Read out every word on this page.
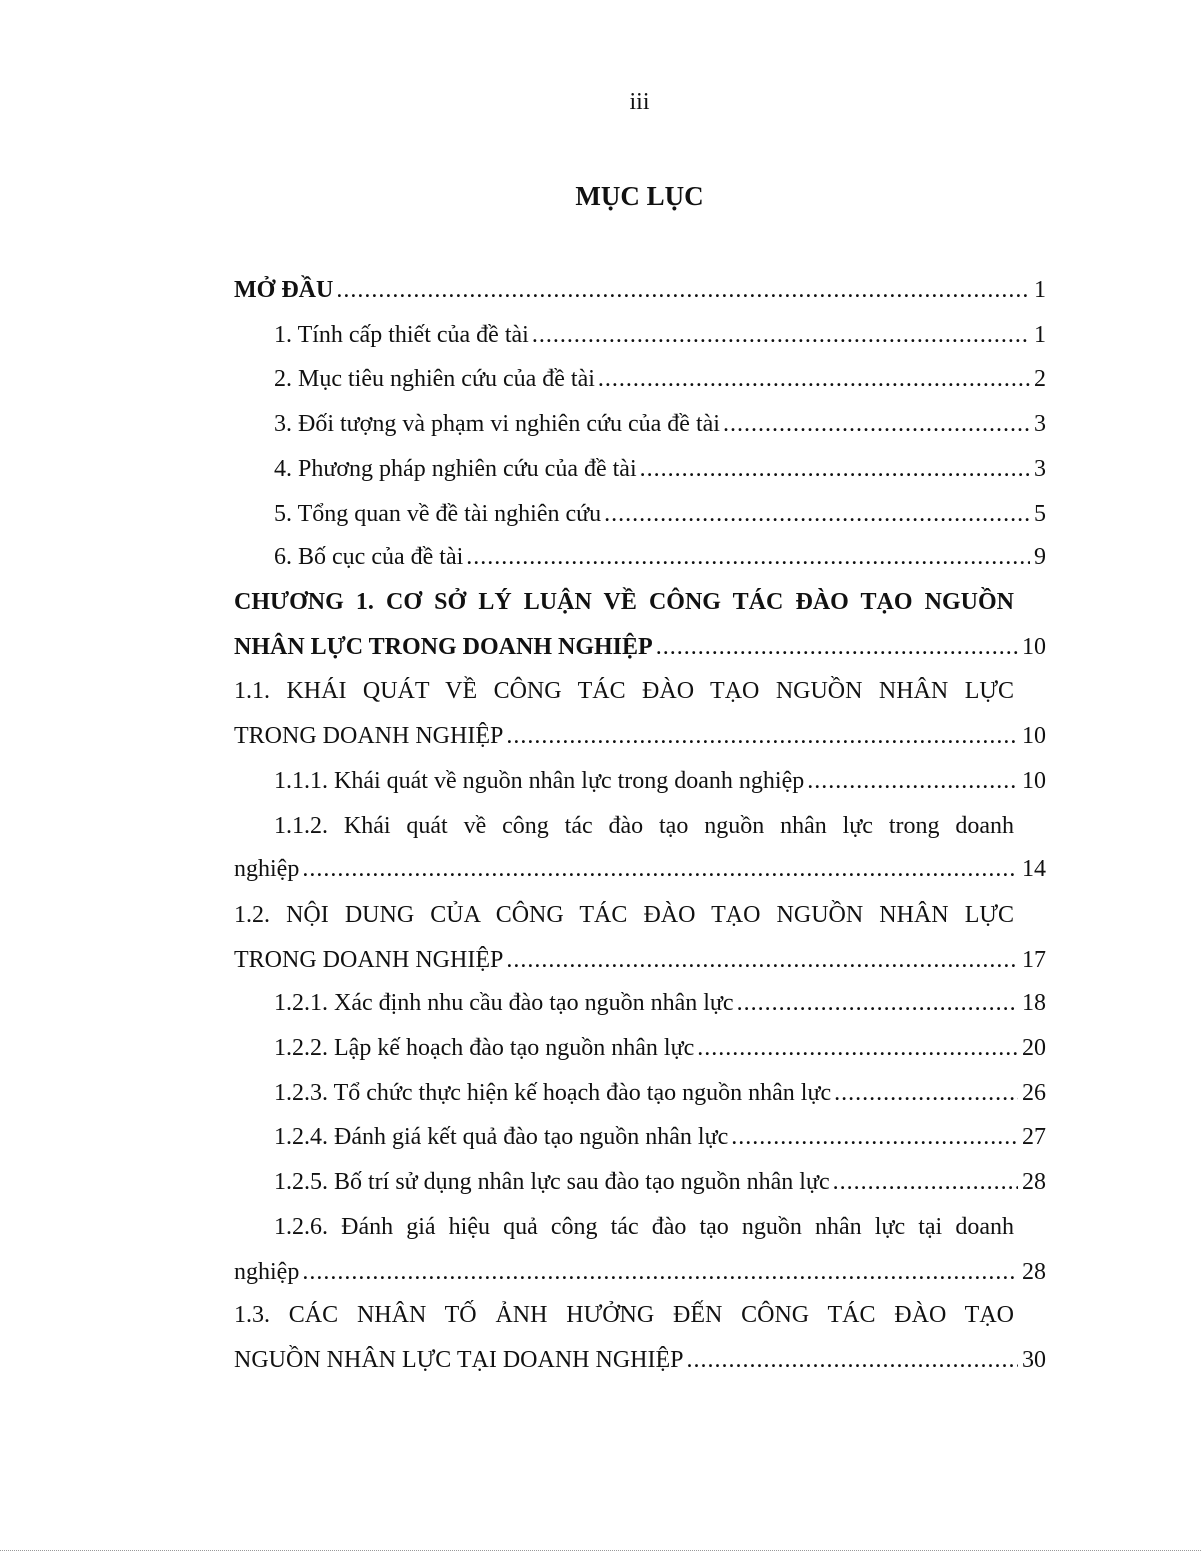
iii
MỤC LỤC
MỞ ĐẦU .....	1
1. Tính cấp thiết của đề tài .....	1
2. Mục tiêu nghiên cứu của đề tài .....	2
3. Đối tượng và phạm vi nghiên cứu của đề tài .....	3
4. Phương pháp nghiên cứu của đề tài .....	3
5. Tổng quan về đề tài nghiên cứu .....	5
6. Bố cục của đề tài .....	9
CHƯƠNG 1. CƠ SỞ LÝ LUẬN VỀ CÔNG TÁC ĐÀO TẠO NGUỒN
NHÂN LỰC TRONG DOANH NGHIỆP .....	10
1.1. KHÁI QUÁT VỀ CÔNG TÁC ĐÀO TẠO NGUỒN NHÂN LỰC
TRONG DOANH NGHIỆP .....	10
1.1.1. Khái quát về nguồn nhân lực trong doanh nghiệp .....	10
1.1.2. Khái quát về công tác đào tạo nguồn nhân lực trong doanh
nghiệp .....	14
1.2. NỘI DUNG CỦA CÔNG TÁC ĐÀO TẠO NGUỒN NHÂN LỰC
TRONG DOANH NGHIỆP .....	17
1.2.1. Xác định nhu cầu đào tạo nguồn nhân lực .....	18
1.2.2. Lập kế hoạch đào tạo nguồn nhân lực .....	20
1.2.3. Tổ chức thực hiện kế hoạch đào tạo nguồn nhân lực .....	26
1.2.4. Đánh giá kết quả đào tạo nguồn nhân lực .....	27
1.2.5. Bố trí sử dụng nhân lực sau đào tạo nguồn nhân lực .....	28
1.2.6. Đánh giá hiệu quả công tác đào tạo nguồn nhân lực tại doanh
nghiệp .....	28
1.3. CÁC NHÂN TỐ ẢNH HƯỞNG ĐẾN CÔNG TÁC ĐÀO TẠO
NGUỒN NHÂN LỰC TẠI DOANH NGHIỆP .....	30
